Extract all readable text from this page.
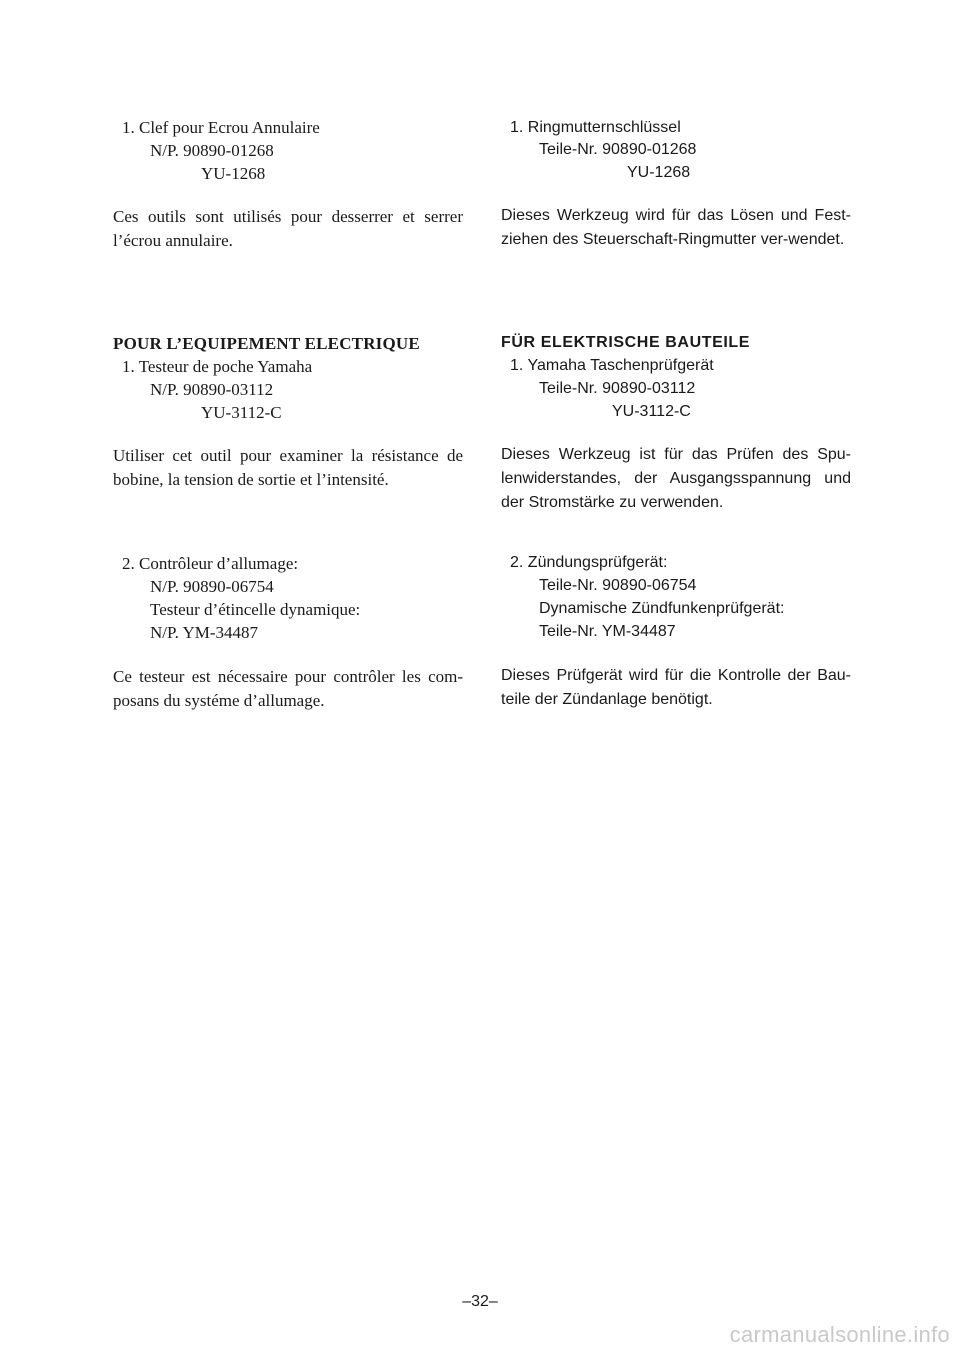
1. Clef pour Ecrou Annulaire
N/P. 90890-01268
YU-1268
Ces outils sont utilisés pour desserrer et serrer l’écrou annulaire.
POUR L’EQUIPEMENT ELECTRIQUE
1. Testeur de poche Yamaha
N/P. 90890-03112
YU-3112-C
Utiliser cet outil pour examiner la résistance de bobine, la tension de sortie et l’intensité.
2. Contrôleur d’allumage:
N/P. 90890-06754
Testeur d’étincelle dynamique:
N/P. YM-34487
Ce testeur est nécessaire pour contrôler les com-posans du systéme d’allumage.
1. Ringmutternschlüssel
Teile-Nr. 90890-01268
YU-1268
Dieses Werkzeug wird für das Lösen und Fest-ziehen des Steuerschaft-Ringmutter ver-wendet.
FÜR ELEKTRISCHE BAUTEILE
1. Yamaha Taschenprüfgerät
Teile-Nr. 90890-03112
YU-3112-C
Dieses Werkzeug ist für das Prüfen des Spu-lenwiderstandes, der Ausgangsspannung und der Stromstärke zu verwenden.
2. Zündungsprüfgerät:
Teile-Nr. 90890-06754
Dynamische Zündfunkenprüfgerät:
Teile-Nr. YM-34487
Dieses Prüfgerät wird für die Kontrolle der Bau-teile der Zündanlage benötigt.
–32–
carmanualsonline.info
